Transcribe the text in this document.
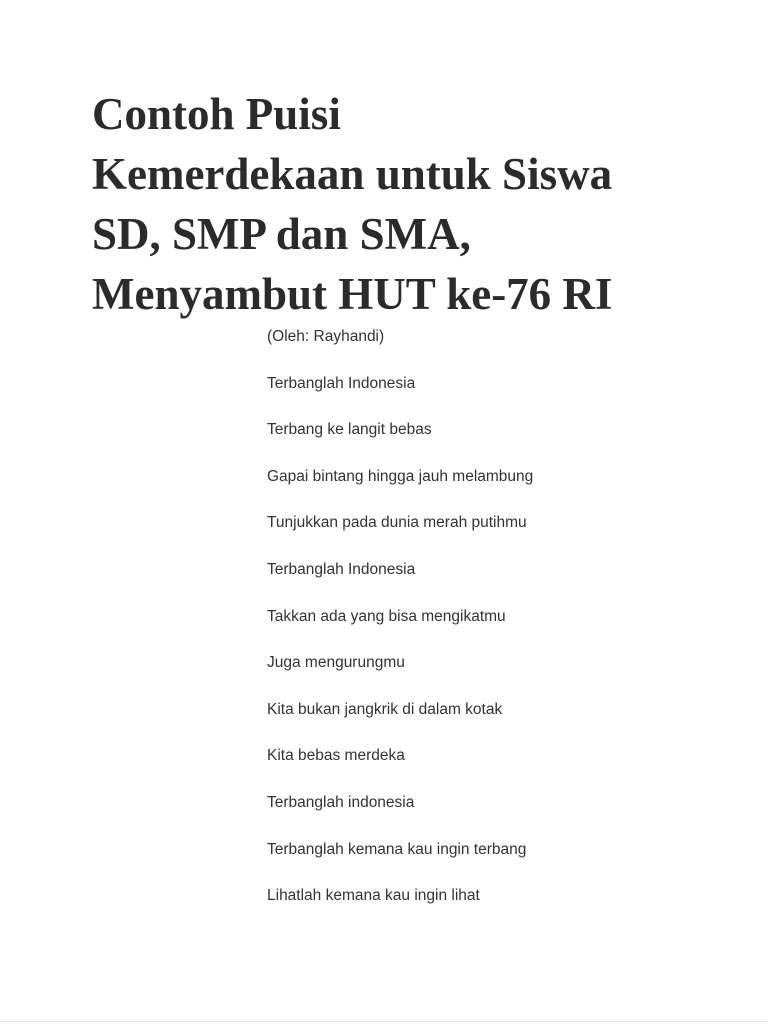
Contoh Puisi
Kemerdekaan untuk Siswa
SD, SMP dan SMA,
Menyambut HUT ke-76 RI

(Oleh: Rayhandi)

Terbanglah Indonesia

Terbang ke langit bebas

Gapai bintang hingga jauh melambung

Tunjukkan pada dunia merah putihmu

Terbanglah Indonesia

Takkan ada yang bisa mengikatmu

Juga mengurungmu

Kita bukan jangkrik di dalam kotak

Kita bebas merdeka

Terbanglah indonesia

Terbanglah kemana kau ingin terbang

Lihatlah kemana kau ingin lihat
